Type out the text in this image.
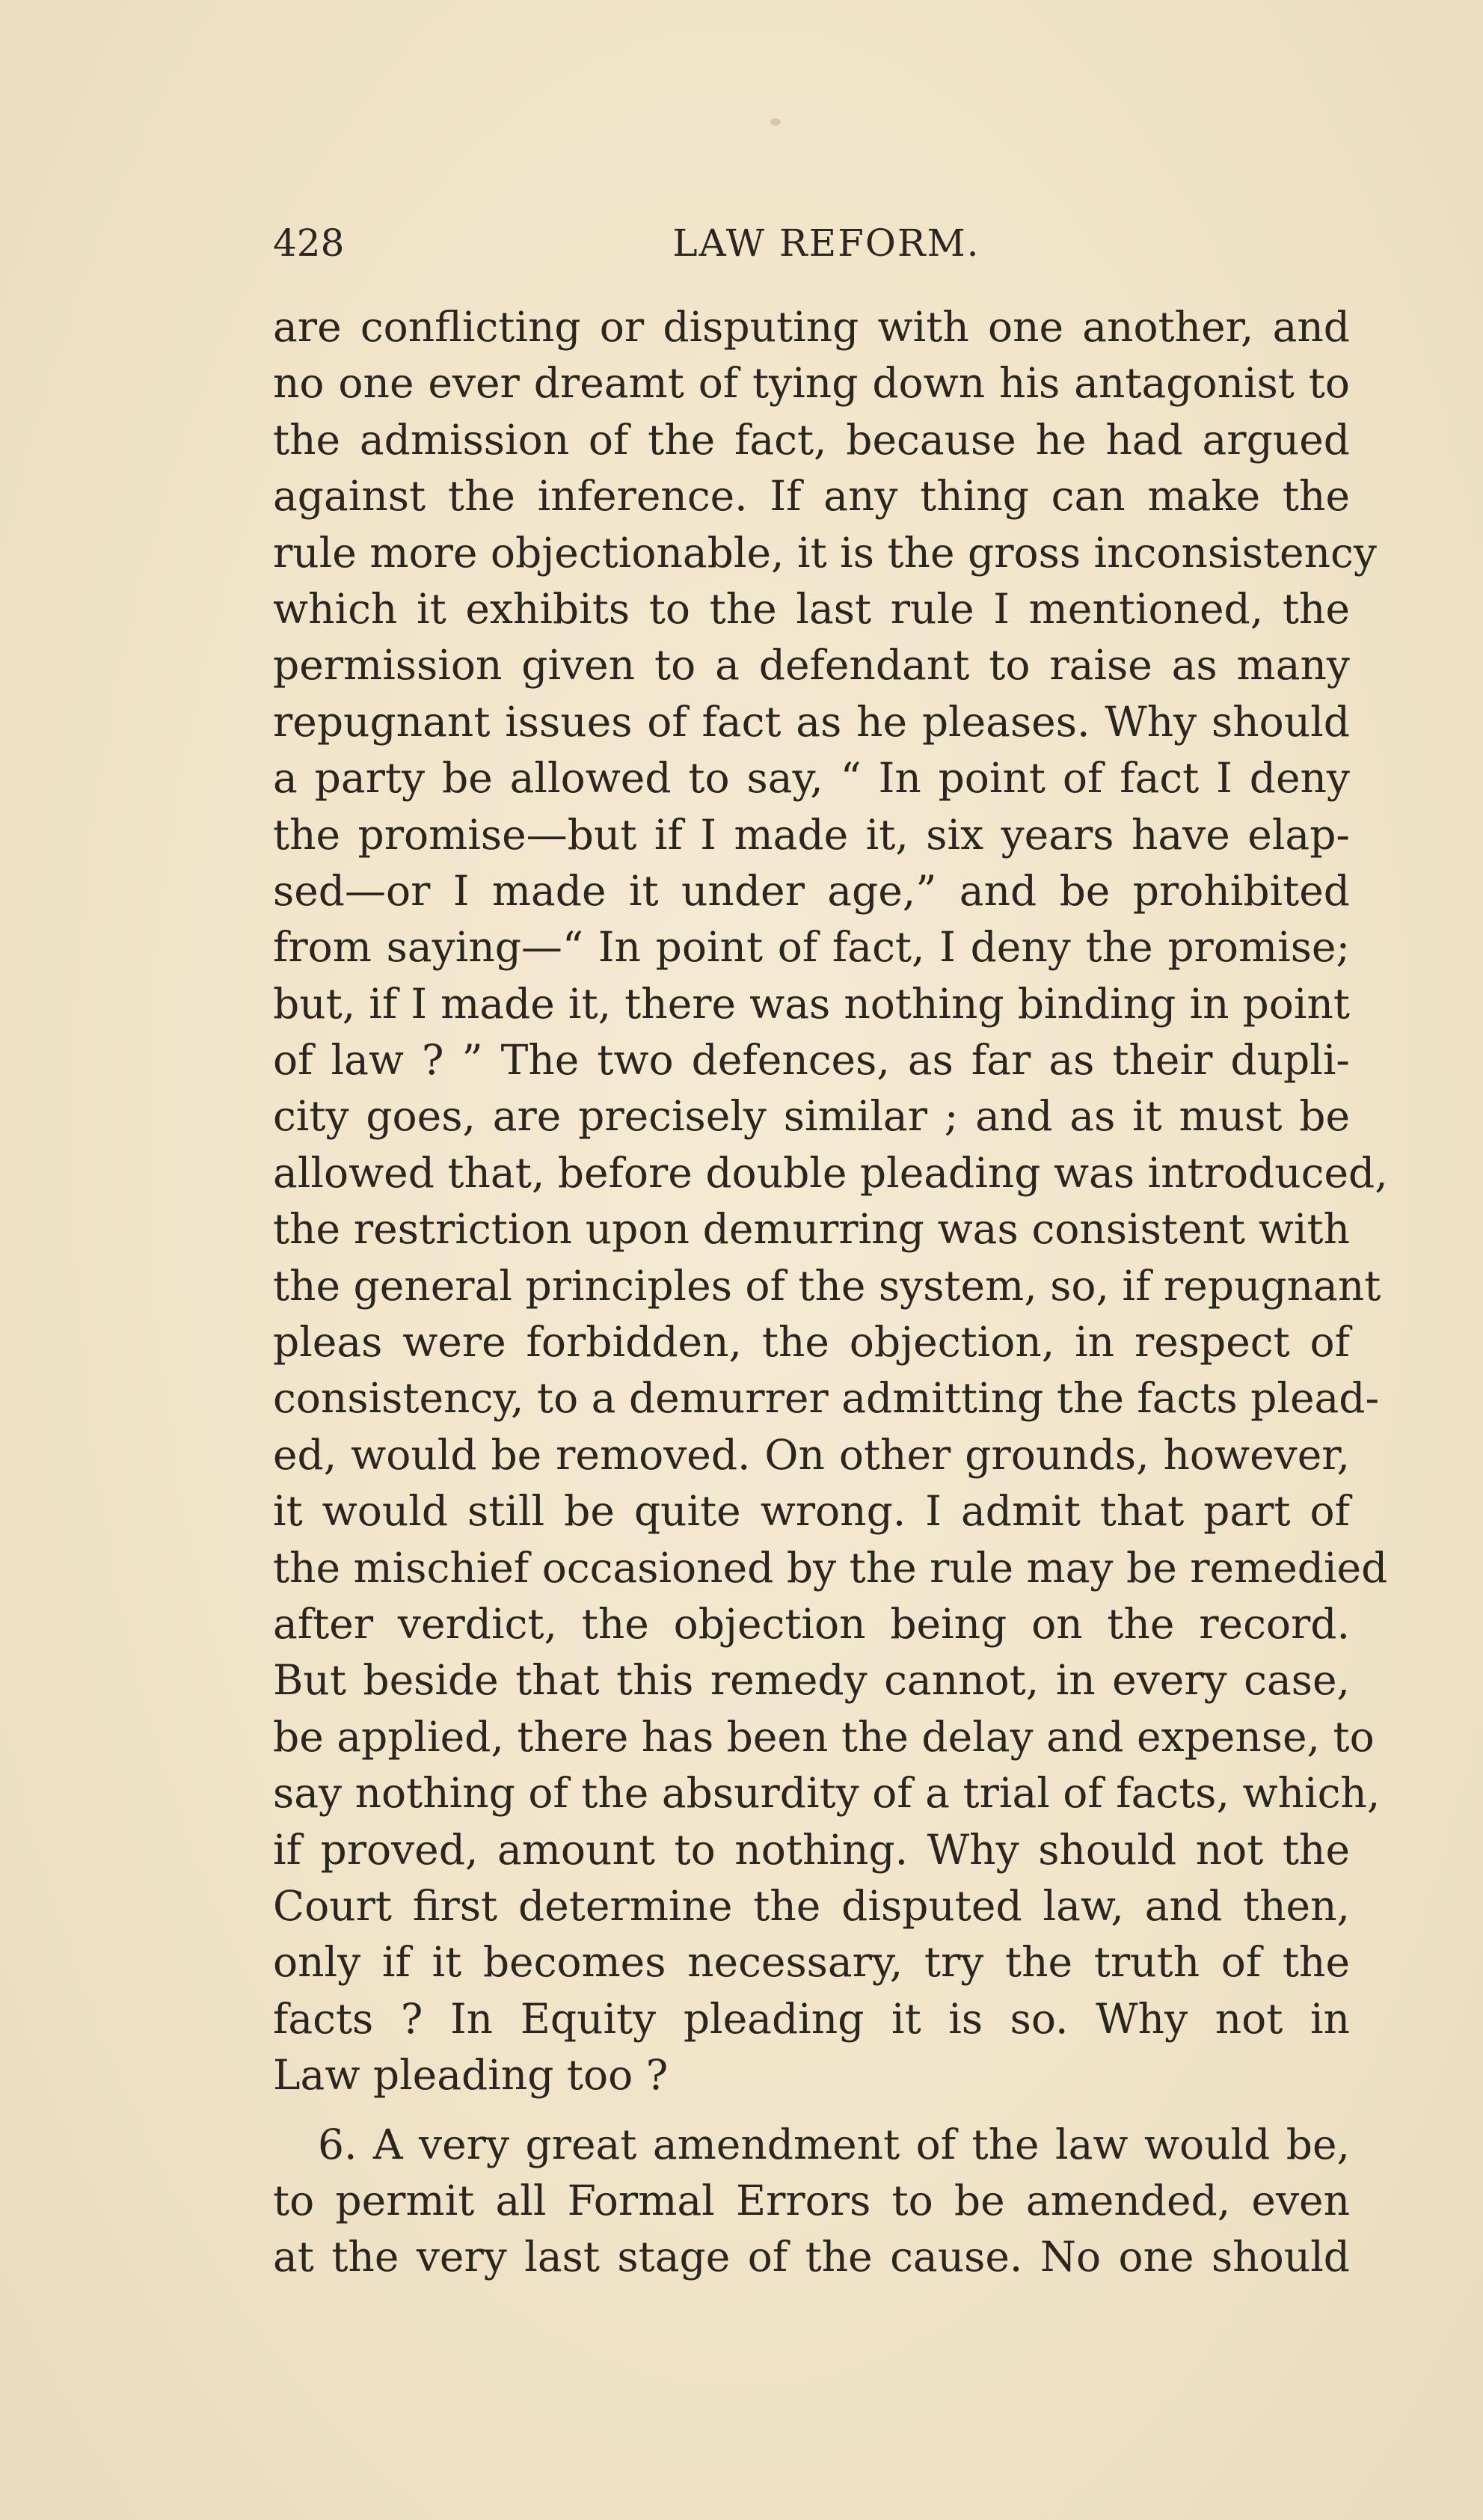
428	LAW REFORM.
are conflicting or disputing with one another, and
no one ever dreamt of tying down his antagonist to
the admission of the fact, because he had argued
against the inference. If any thing can make the
rule more objectionable, it is the gross inconsistency
which it exhibits to the last rule I mentioned, the
permission given to a defendant to raise as many
repugnant issues of fact as he pleases. Why should
a party be allowed to say, “ In point of fact I deny
the promise—but if I made it, six years have elap-
sed—or I made it under age,” and be prohibited
from saying—“ In point of fact, I deny the promise;
but, if I made it, there was nothing binding in point
of law ? ” The two defences, as far as their dupli-
city goes, are precisely similar ; and as it must be
allowed that, before double pleading was introduced,
the restriction upon demurring was consistent with
the general principles of the system, so, if repugnant
pleas were forbidden, the objection, in respect of
consistency, to a demurrer admitting the facts plead-
ed, would be removed. On other grounds, however,
it would still be quite wrong. I admit that part of
the mischief occasioned by the rule may be remedied
after verdict, the objection being on the record.
But beside that this remedy cannot, in every case,
be applied, there has been the delay and expense, to
say nothing of the absurdity of a trial of facts, which,
if proved, amount to nothing. Why should not the
Court first determine the disputed law, and then,
only if it becomes necessary, try the truth of the
facts ? In Equity pleading it is so. Why not in
Law pleading too ?
6. A very great amendment of the law would be,
to permit all Formal Errors to be amended, even
at the very last stage of the cause. No one should
